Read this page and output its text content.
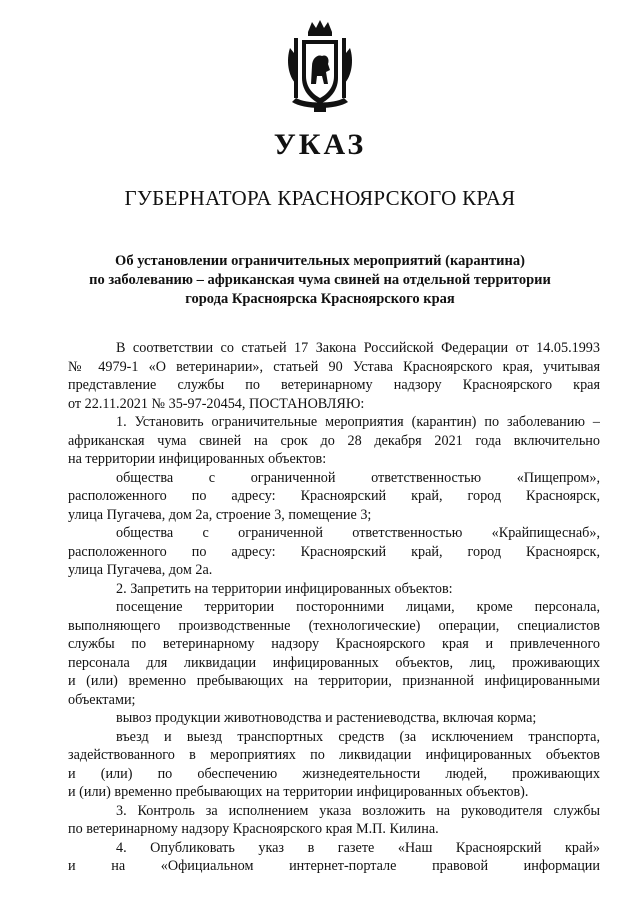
УКАЗ
ГУБЕРНАТОРА КРАСНОЯРСКОГО КРАЯ
Об установлении ограничительных мероприятий (карантина)
по заболеванию – африканская чума свиней на отдельной территории
города Красноярска Красноярского края
В соответствии со статьей 17 Закона Российской Федерации от 14.05.1993
№ 4979-1 «О ветеринарии», статьей 90 Устава Красноярского края, учитывая
представление службы по ветеринарному надзору Красноярского края
от 22.11.2021 № 35-97-20454, ПОСТАНОВЛЯЮ:
1. Установить ограничительные мероприятия (карантин) по заболеванию –
африканская чума свиней на срок до 28 декабря 2021 года включительно
на территории инфицированных объектов:
общества с ограниченной ответственностью «Пищепром»,
расположенного по адресу: Красноярский край, город Красноярск,
улица Пугачева, дом 2а, строение 3, помещение 3;
общества с ограниченной ответственностью «Крайпищеснаб»,
расположенного по адресу: Красноярский край, город Красноярск,
улица Пугачева, дом 2а.
2. Запретить на территории инфицированных объектов:
посещение территории посторонними лицами, кроме персонала,
выполняющего производственные (технологические) операции, специалистов
службы по ветеринарному надзору Красноярского края и привлеченного
персонала для ликвидации инфицированных объектов, лиц, проживающих
и (или) временно пребывающих на территории, признанной инфицированными
объектами;
вывоз продукции животноводства и растениеводства, включая корма;
въезд и выезд транспортных средств (за исключением транспорта,
задействованного в мероприятиях по ликвидации инфицированных объектов
и (или) по обеспечению жизнедеятельности людей, проживающих
и (или) временно пребывающих на территории инфицированных объектов).
3. Контроль за исполнением указа возложить на руководителя службы
по ветеринарному надзору Красноярского края М.П. Килина.
4. Опубликовать указ в газете «Наш Красноярский край»
и на «Официальном интернет-портале правовой информации
